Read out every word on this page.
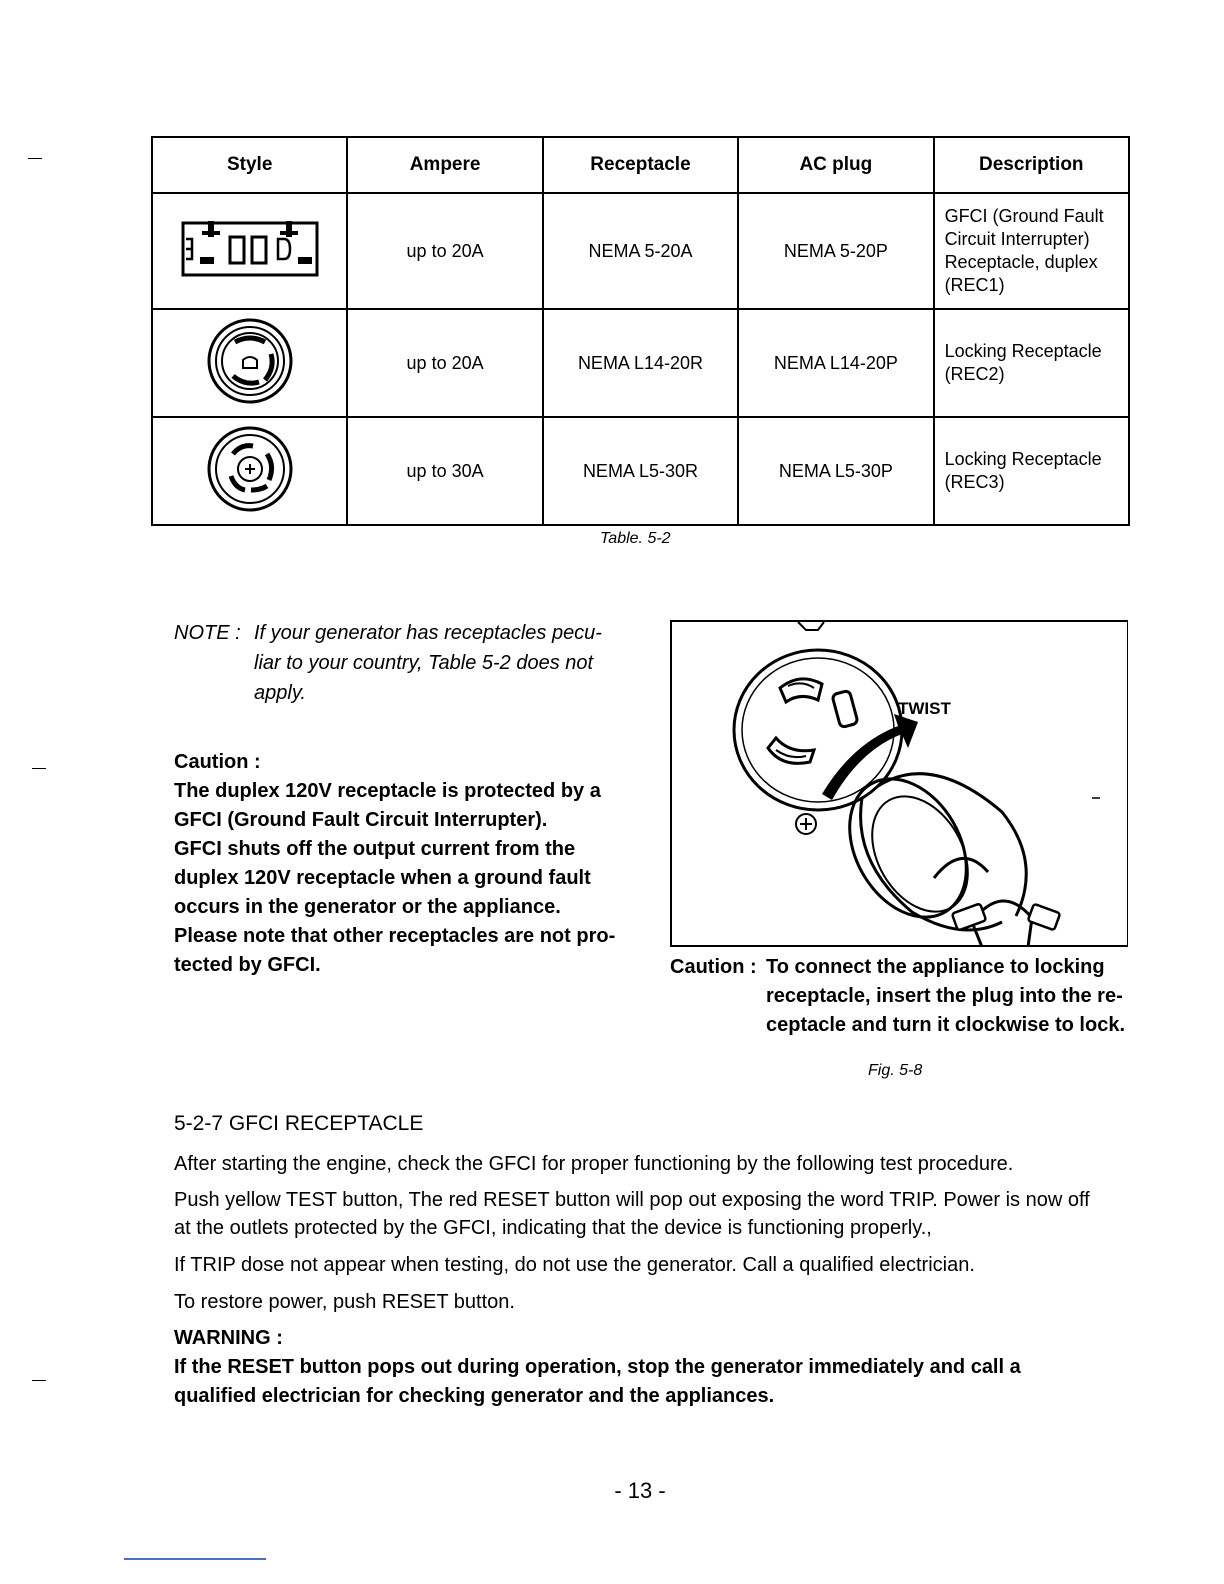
Style	Ampere	Receptacle	AC plug	Description
	up to 20A	NEMA 5-20A	NEMA 5-20P	GFCI (Ground Fault
Circuit Interrupter)
Receptacle, duplex
(REC1)

	up to 20A	NEMA L14-20R	NEMA L14-20P	Locking Receptacle
(REC2)

	up to 30A	NEMA L5-30R	NEMA L5-30P	Locking Receptacle
(REC3)
Table. 5-2
NOTE : If your generator has receptacles pecu-
liar to your country, Table 5-2 does not
apply.
Caution :
The duplex 120V receptacle is protected by a
GFCI (Ground Fault Circuit Interrupter).
GFCI shuts off the output current from the
duplex 120V receptacle when a ground fault
occurs in the generator or the appliance.
Please note that other receptacles are not pro-
tected by GFCI.
TWIST
Caution : To connect the appliance to locking
receptacle, insert the plug into the re-
ceptacle and turn it clockwise to lock.
Fig. 5-8
5-2-7 GFCI RECEPTACLE
After starting the engine, check the GFCI for proper functioning by the following test procedure.
Push yellow TEST button, The red RESET button will pop out exposing the word TRIP. Power is now off
at the outlets protected by the GFCI, indicating that the device is functioning properly.,
If TRIP dose not appear when testing, do not use the generator. Call a qualified electrician.
To restore power, push RESET button.
WARNING :
If the RESET button pops out during operation, stop the generator immediately and call a
qualified electrician for checking generator and the appliances.
- 13 -
